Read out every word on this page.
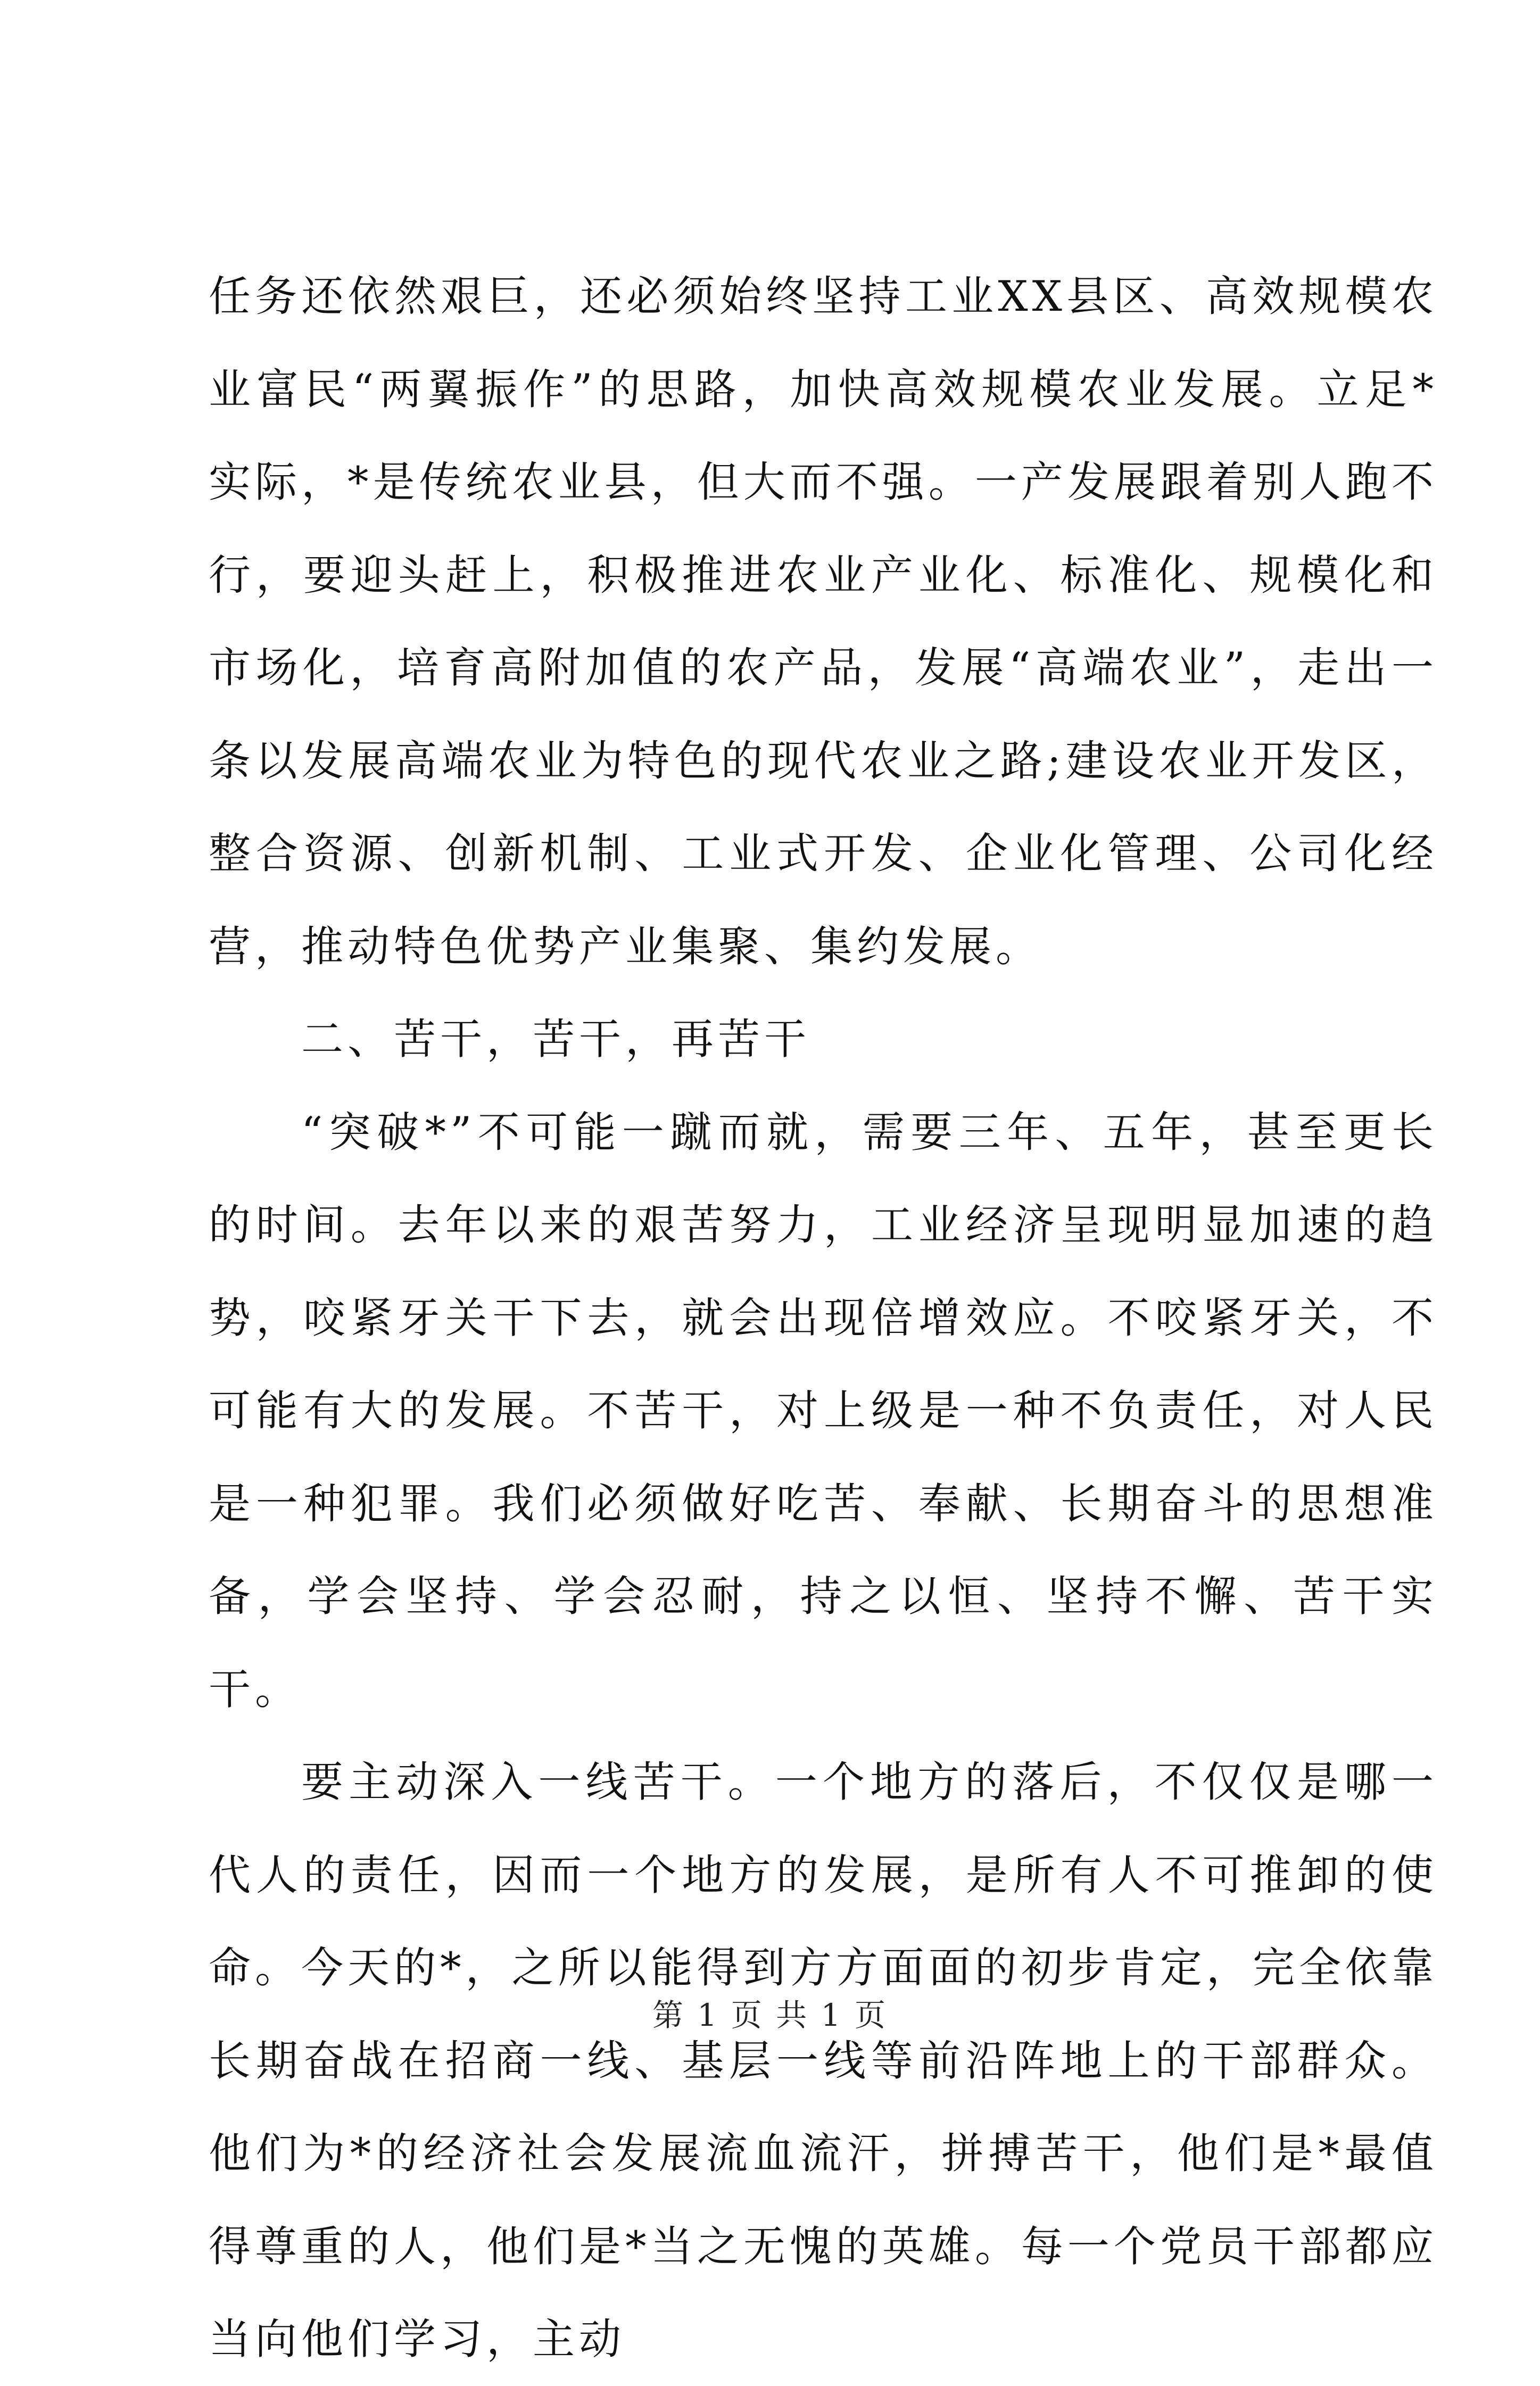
任务还依然艰巨，还必须始终坚持工业XX县区、高效规模农业富民“两翼振作”的思路，加快高效规模农业发展。立足*实际，*是传统农业县，但大而不强。一产发展跟着别人跑不行，要迎头赶上，积极推进农业产业化、标准化、规模化和市场化，培育高附加值的农产品，发展“高端农业”，走出一条以发展高端农业为特色的现代农业之路;建设农业开发区，整合资源、创新机制、工业式开发、企业化管理、公司化经营，推动特色优势产业集聚、集约发展。

二、苦干，苦干，再苦干

“突破*”不可能一蹴而就，需要三年、五年，甚至更长的时间。去年以来的艰苦努力，工业经济呈现明显加速的趋势，咬紧牙关干下去，就会出现倍增效应。不咬紧牙关，不可能有大的发展。不苦干，对上级是一种不负责任，对人民是一种犯罪。我们必须做好吃苦、奉献、长期奋斗的思想准备，学会坚持、学会忍耐，持之以恒、坚持不懈、苦干实干。

要主动深入一线苦干。一个地方的落后，不仅仅是哪一代人的责任，因而一个地方的发展，是所有人不可推卸的使命。今天的*，之所以能得到方方面面的初步肯定，完全依靠长期奋战在招商一线、基层一线等前沿阵地上的干部群众。他们为*的经济社会发展流血流汗，拼搏苦干，他们是*最值得尊重的人，他们是*当之无愧的英雄。每一个党员干部都应当向他们学习，主动

第 1 页 共 1 页
